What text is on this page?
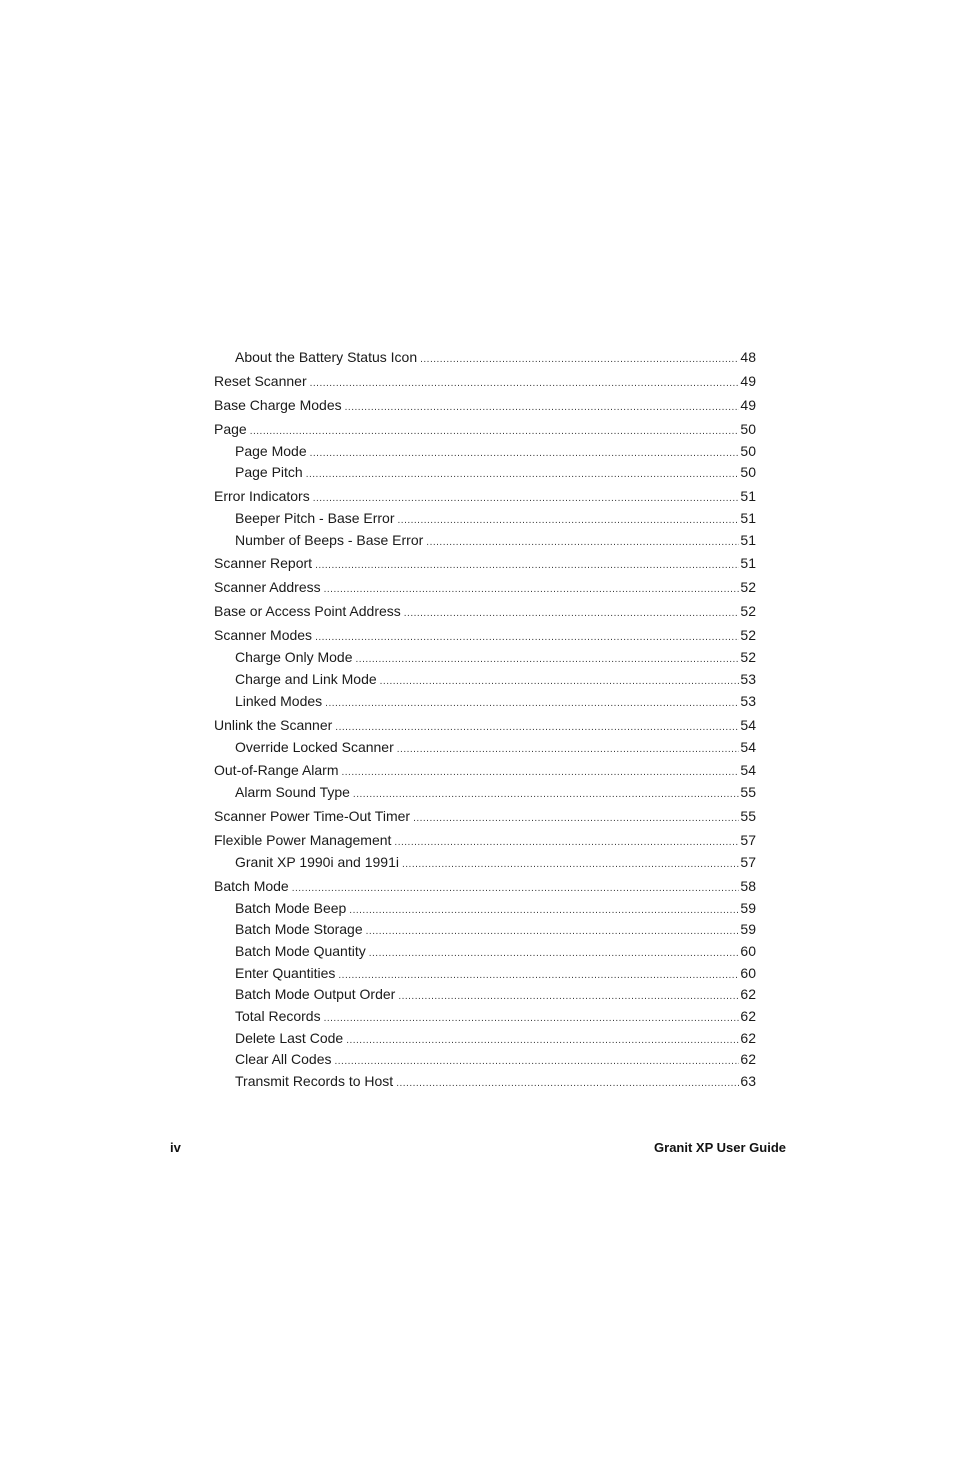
About the Battery Status Icon .....	48
Reset Scanner .....	49
Base Charge Modes .....	49
Page .....	50
Page Mode .....	50
Page Pitch .....	50
Error Indicators .....	51
Beeper Pitch - Base Error .....	51
Number of Beeps - Base Error .....	51
Scanner Report .....	51
Scanner Address .....	52
Base or Access Point Address .....	52
Scanner Modes .....	52
Charge Only Mode .....	52
Charge and Link Mode .....	53
Linked Modes .....	53
Unlink the Scanner .....	54
Override Locked Scanner .....	54
Out-of-Range Alarm .....	54
Alarm Sound Type .....	55
Scanner Power Time-Out Timer .....	55
Flexible Power Management .....	57
Granit XP 1990i and 1991i .....	57
Batch Mode .....	58
Batch Mode Beep .....	59
Batch Mode Storage .....	59
Batch Mode Quantity .....	60
Enter Quantities .....	60
Batch Mode Output Order .....	62
Total Records .....	62
Delete Last Code .....	62
Clear All Codes .....	62
Transmit Records to Host .....	63
iv	Granit XP User Guide
